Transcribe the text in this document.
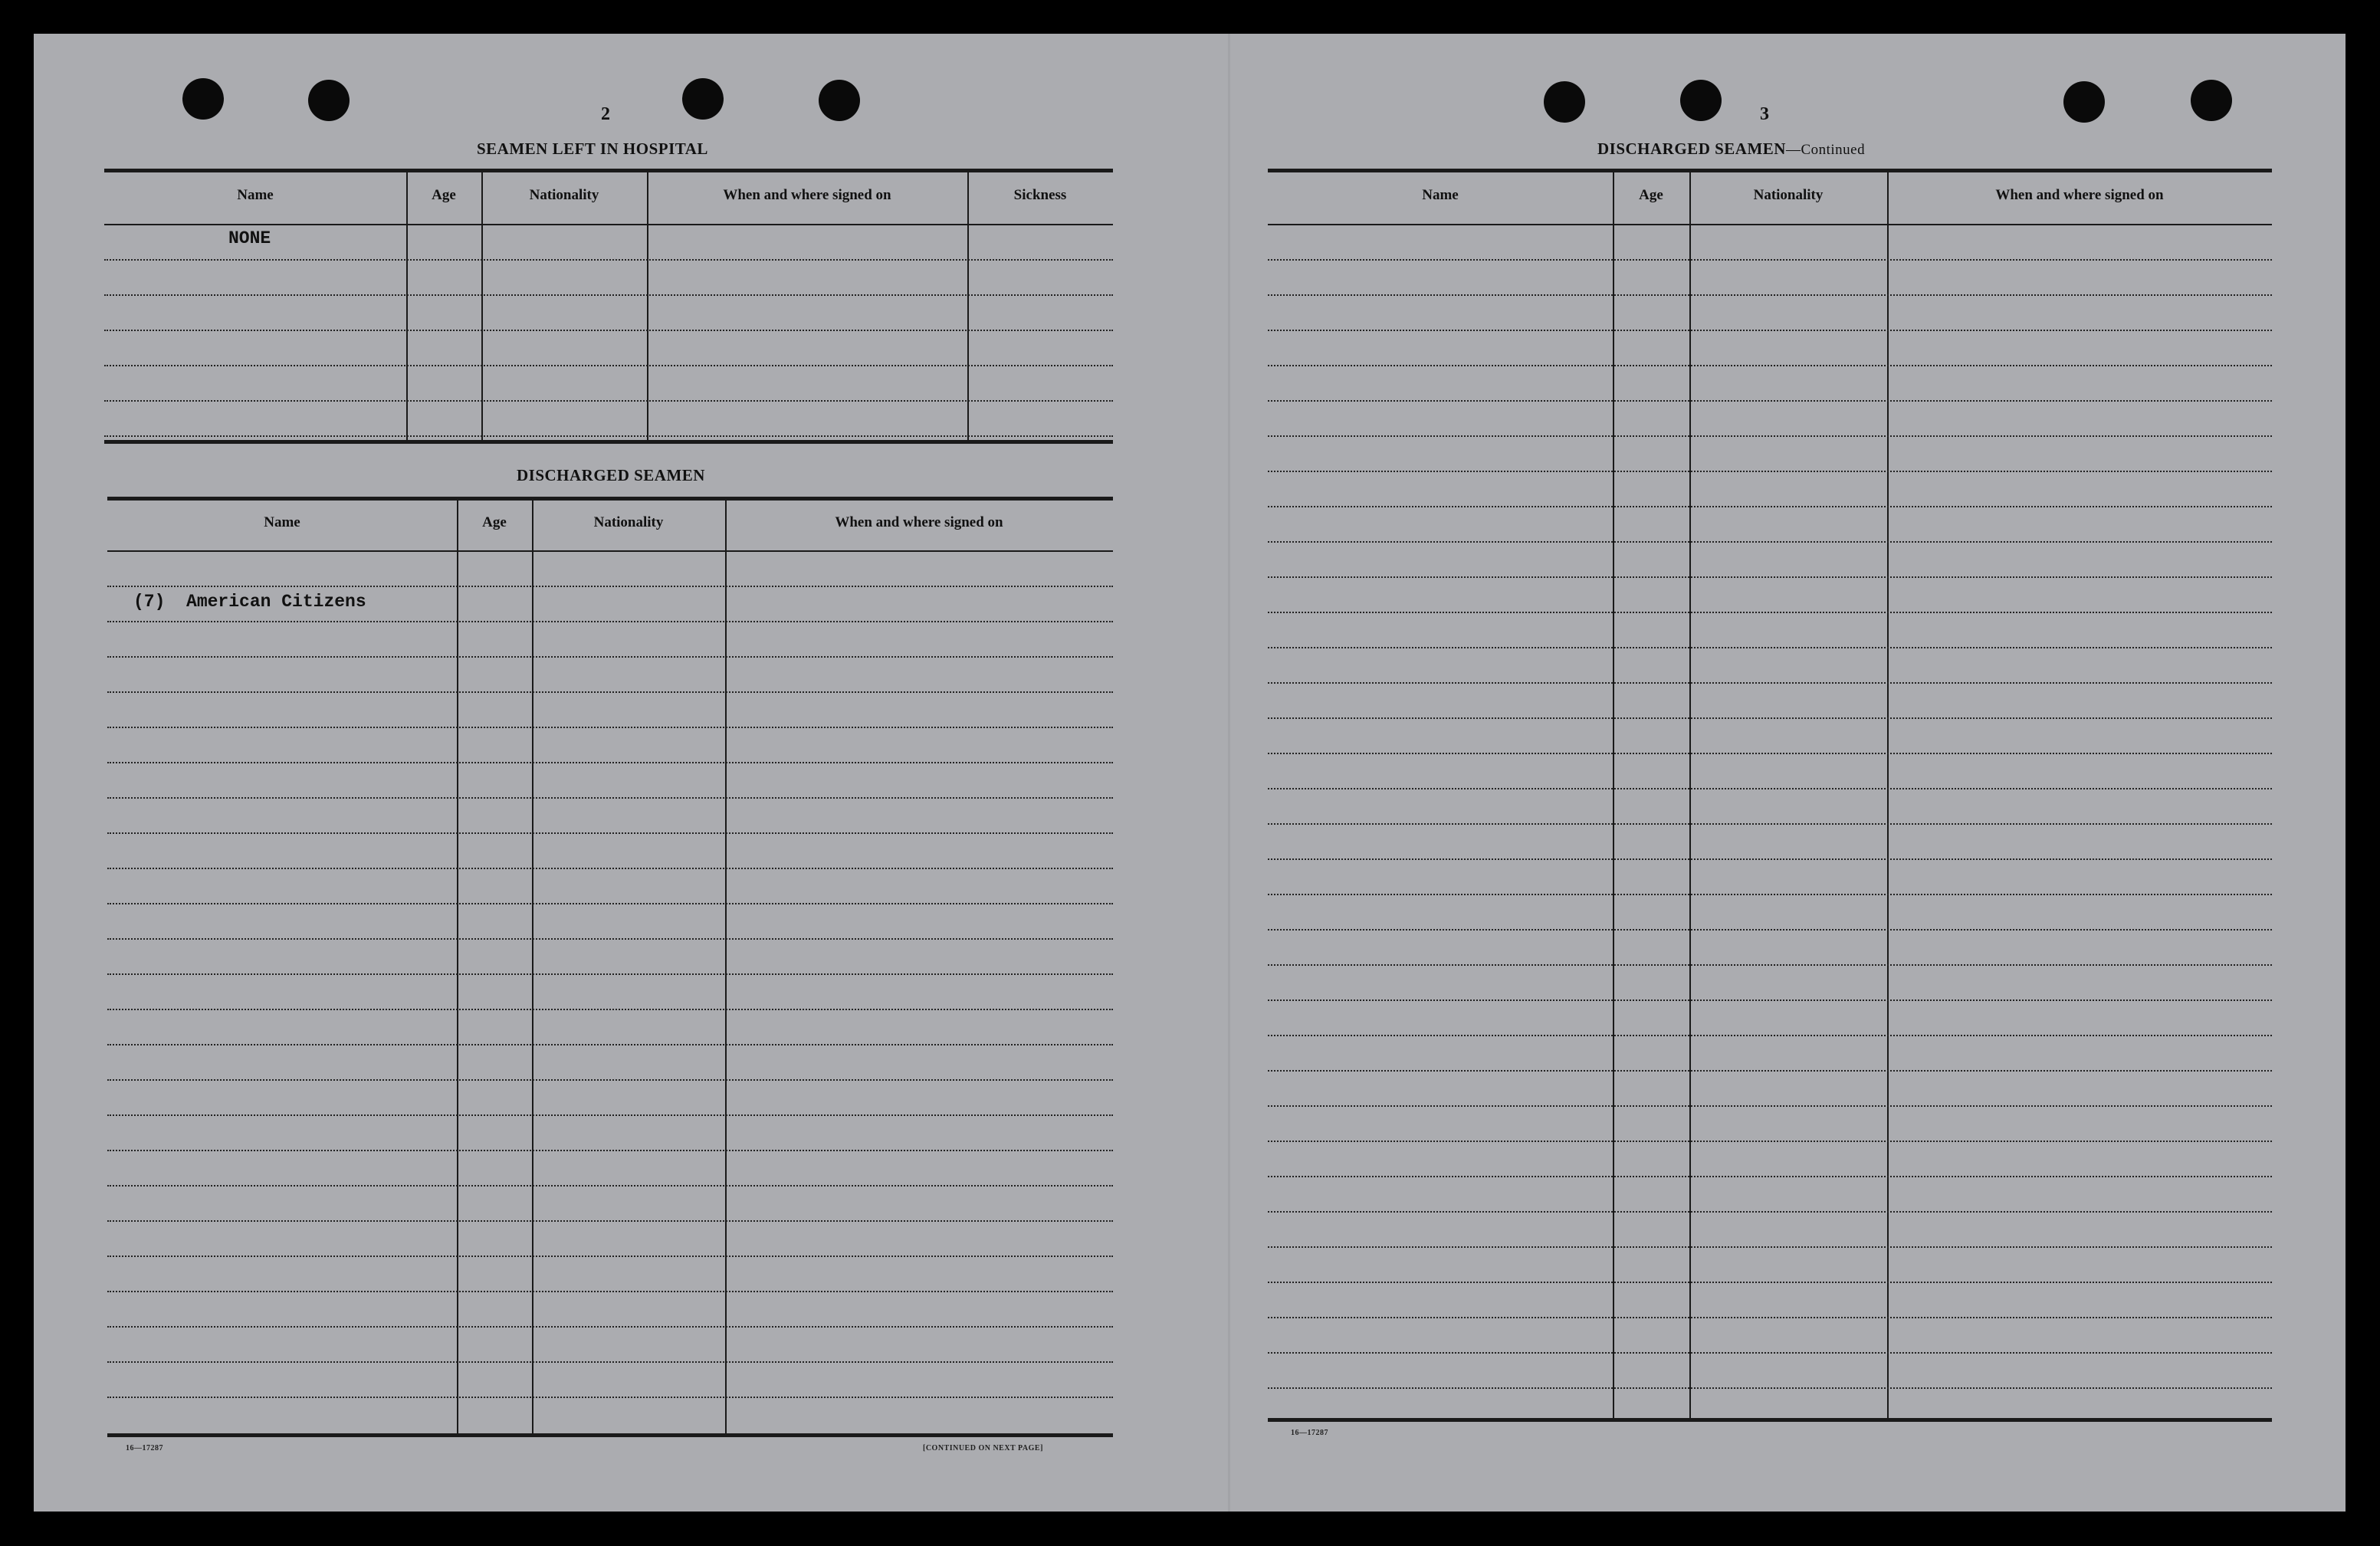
2
SEAMEN LEFT IN HOSPITAL
Name	Age	Nationality	When and where signed on	Sickness
NONE
DISCHARGED SEAMEN
Name	Age	Nationality	When and where signed on
(7)  American Citizens
16—17287	[CONTINUED ON NEXT PAGE]
3
DISCHARGED SEAMEN—Continued
Name	Age	Nationality	When and where signed on
16—17287
